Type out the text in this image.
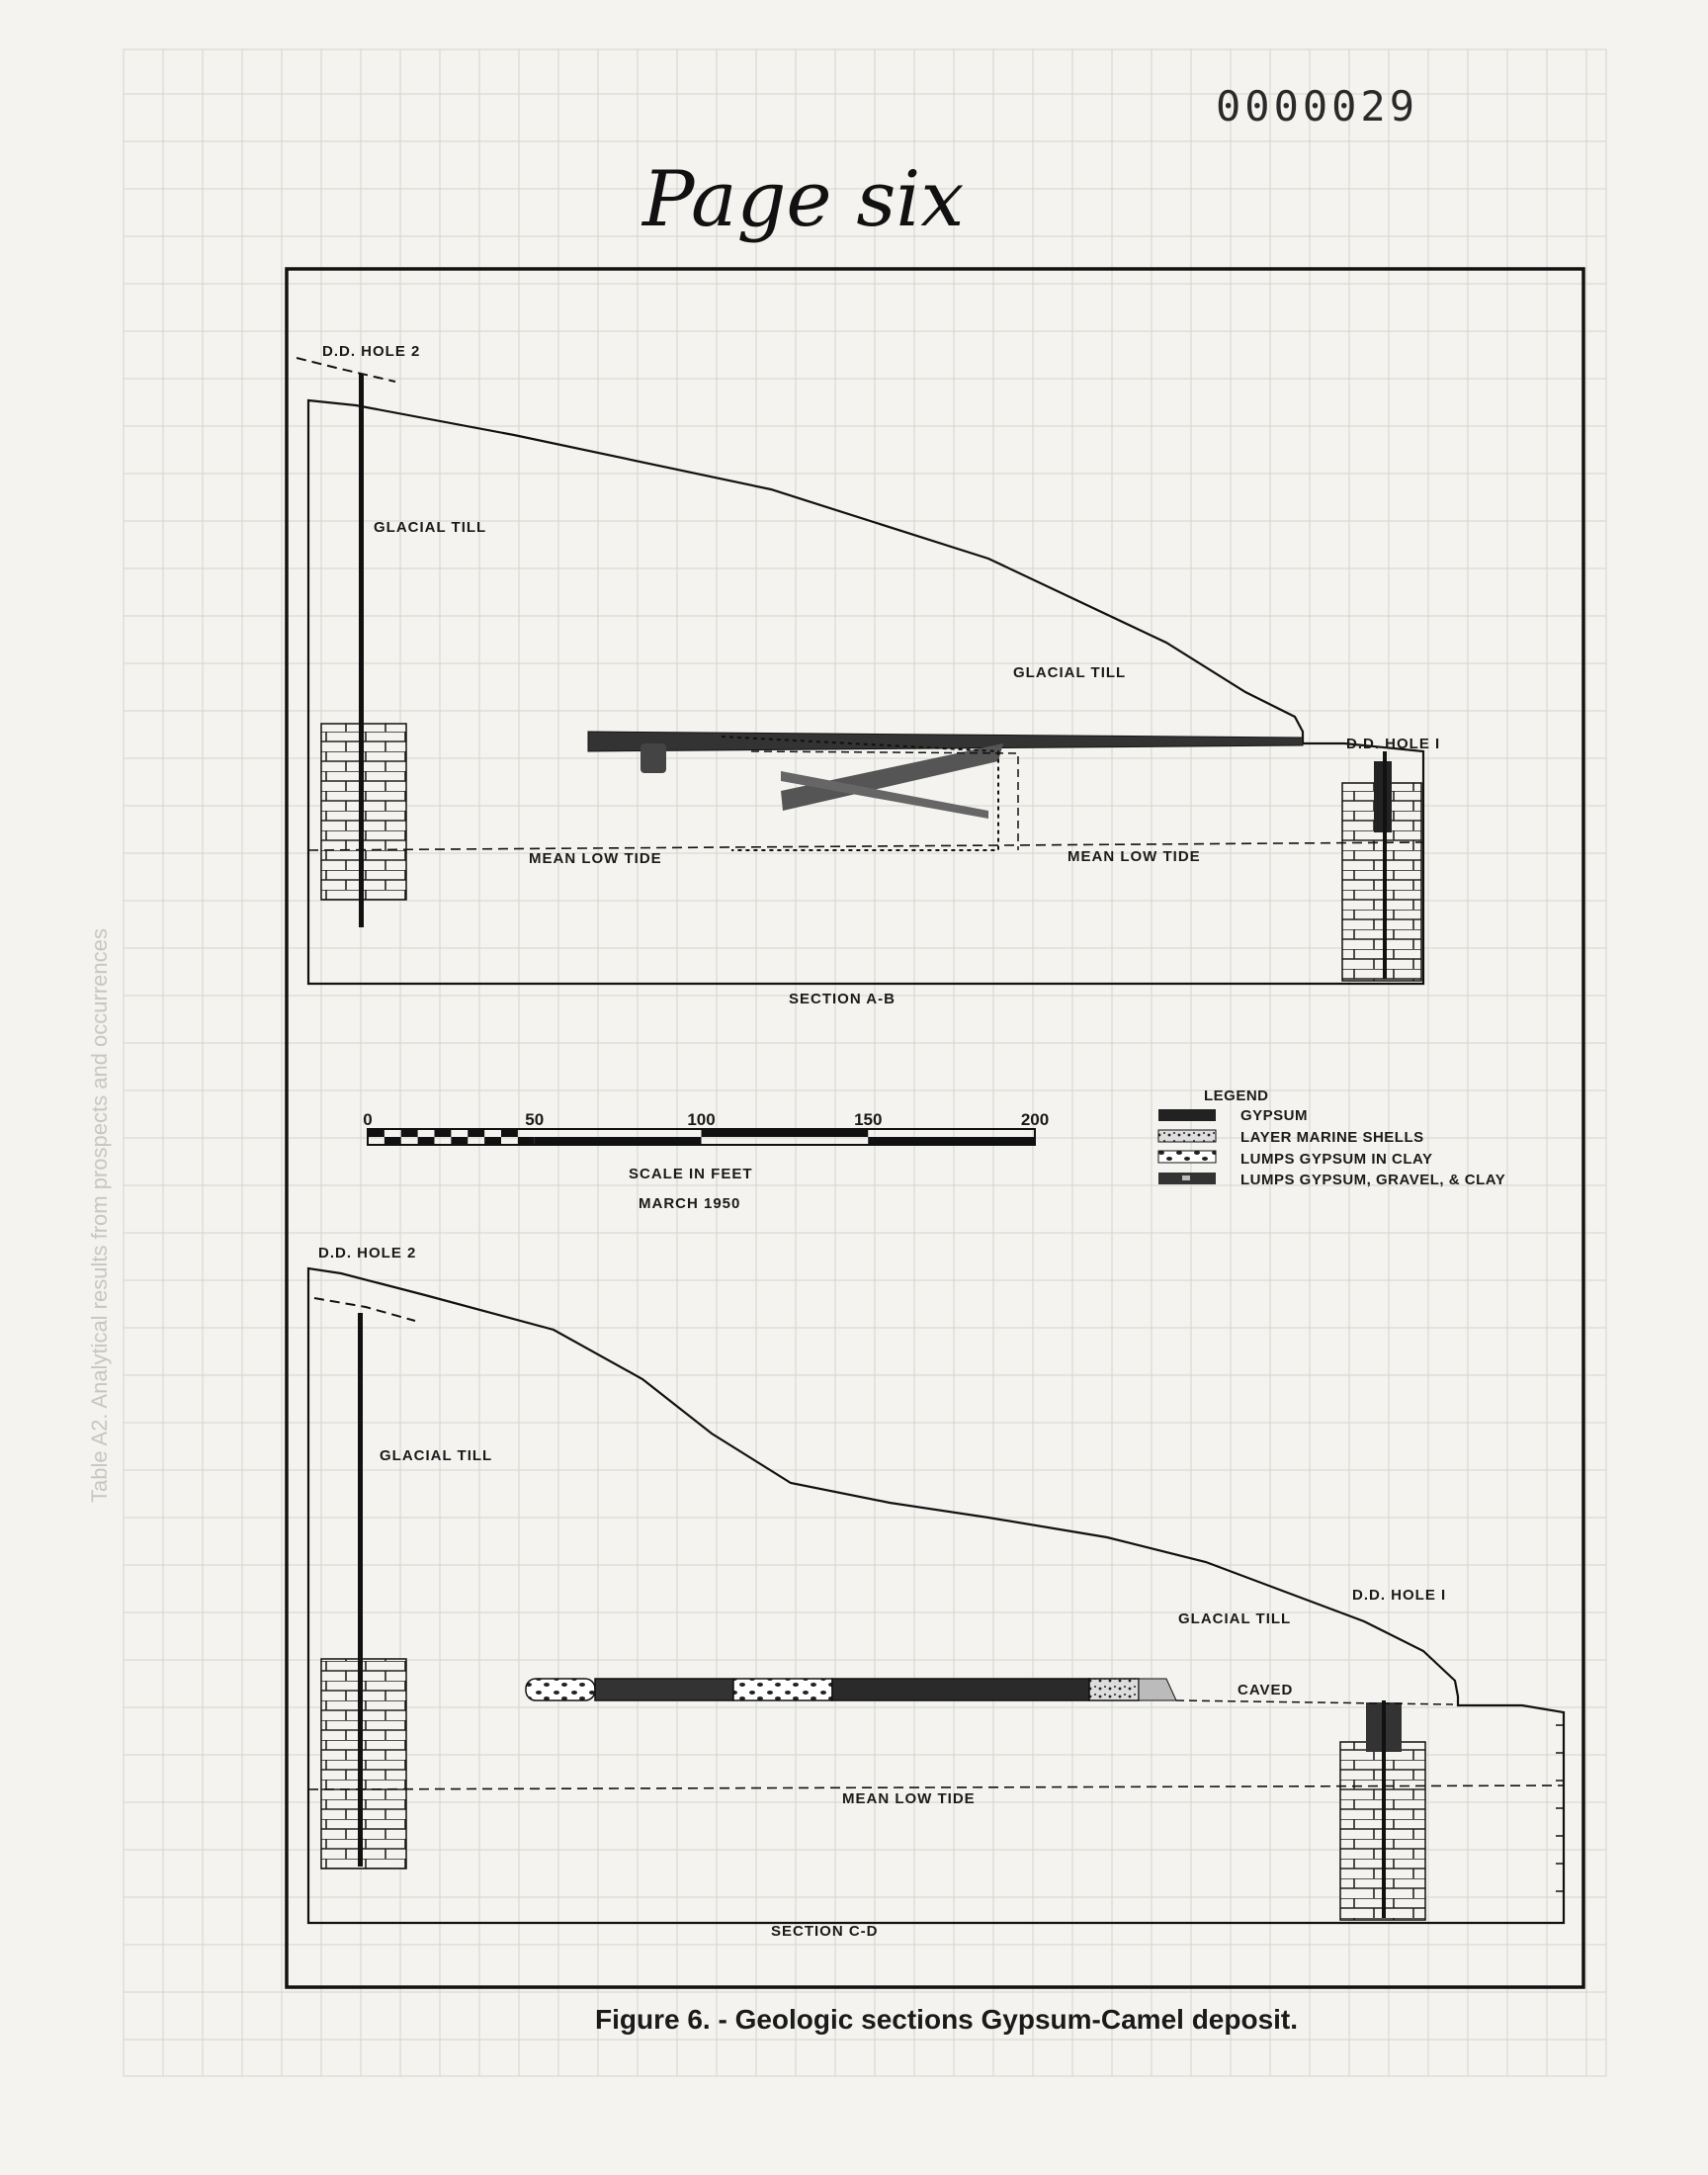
Table A2. Analytical results from prospects and occurrences
0000029
Page six
D.D. HOLE 2
GLACIAL TILL
GLACIAL TILL
D.D. HOLE I
MEAN LOW TIDE	MEAN LOW TIDE
SECTION A-B
0	50	100	150	200
SCALE IN FEET
MARCH 1950
LEGEND
GYPSUM
LAYER MARINE SHELLS
LUMPS GYPSUM IN CLAY
LUMPS GYPSUM, GRAVEL, & CLAY
D.D. HOLE 2
GLACIAL TILL
D.D. HOLE I
GLACIAL TILL
CAVED
MEAN LOW TIDE
SECTION C-D
Figure 6. - Geologic sections Gypsum-Camel deposit.
